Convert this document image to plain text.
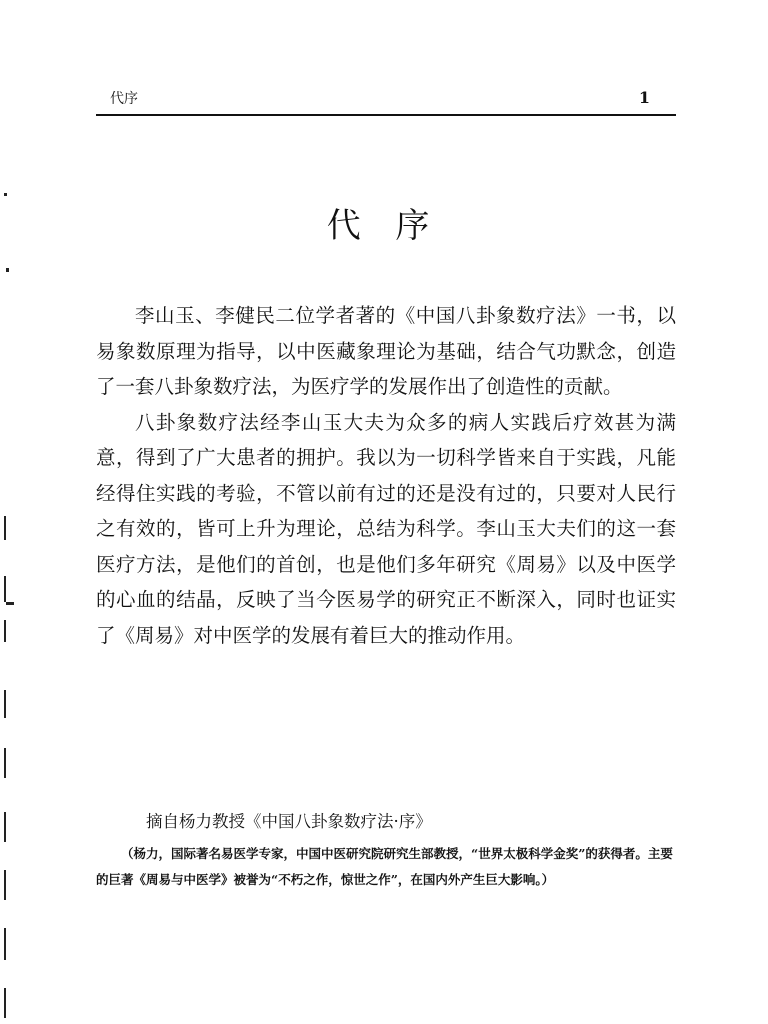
代序	1
代 序

李山玉、李健民二位学者著的《中国八卦象数疗法》一书，以易象数原理为指导，以中医藏象理论为基础，结合气功默念，创造了一套八卦象数疗法，为医疗学的发展作出了创造性的贡献。

八卦象数疗法经李山玉大夫为众多的病人实践后疗效甚为满意，得到了广大患者的拥护。我以为一切科学皆来自于实践，凡能经得住实践的考验，不管以前有过的还是没有过的，只要对人民行之有效的，皆可上升为理论，总结为科学。李山玉大夫们的这一套医疗方法，是他们的首创，也是他们多年研究《周易》以及中医学的心血的结晶，反映了当今医易学的研究正不断深入，同时也证实了《周易》对中医学的发展有着巨大的推动作用。

摘自杨力教授《中国八卦象数疗法·序》

（杨力，国际著名易医学专家，中国中医研究院研究生部教授，“世界太极科学金奖”的获得者。主要的巨著《周易与中医学》被誉为“不朽之作，惊世之作”，在国内外产生巨大影响。）
